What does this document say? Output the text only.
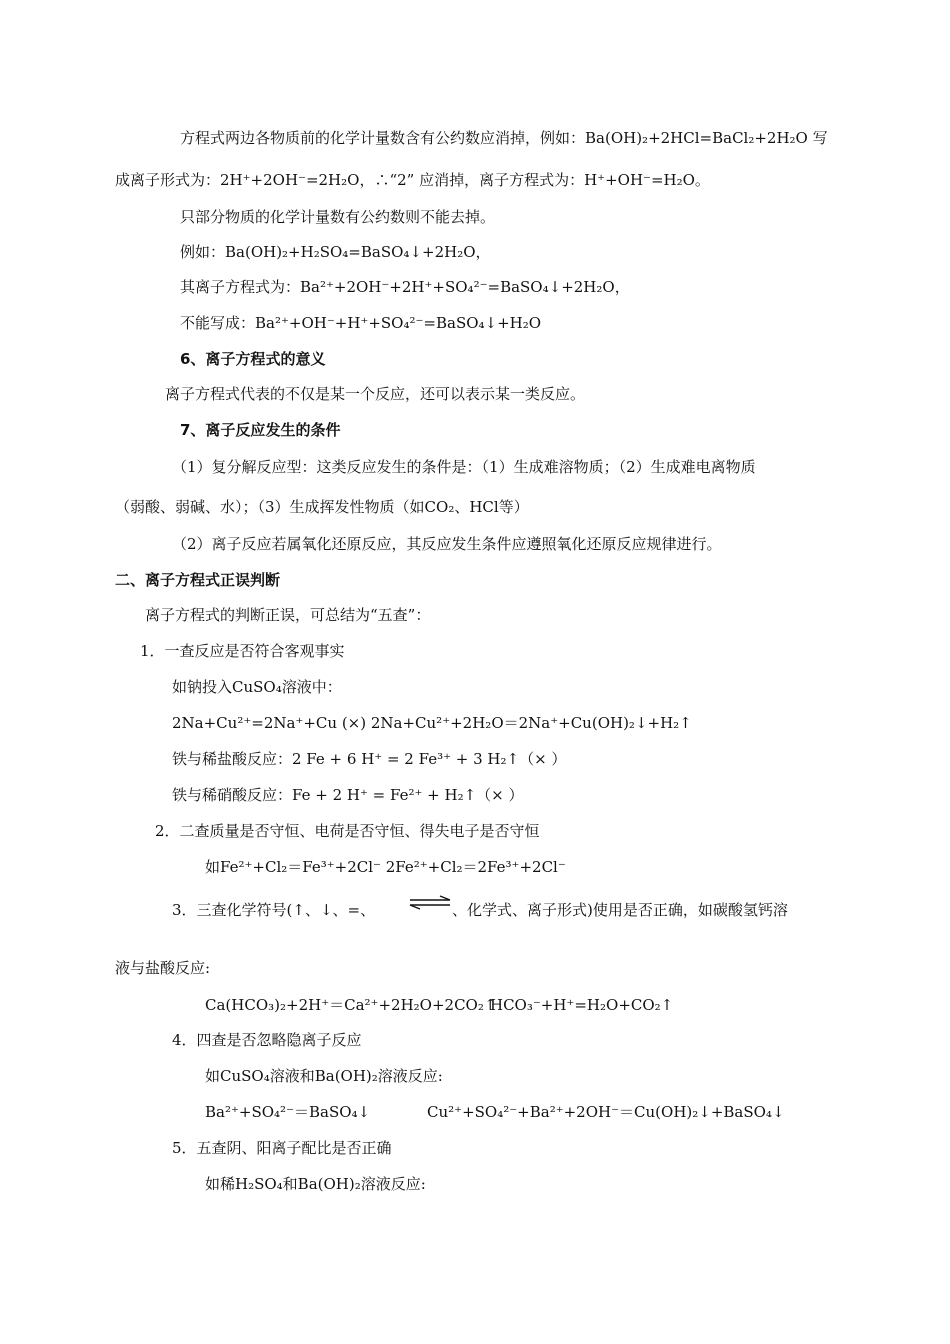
方程式两边各物质前的化学计量数含有公约数应消掉，例如：Ba(OH)₂+2HCl=BaCl₂+2H₂O 写
成离子形式为：2H⁺+2OH⁻=2H₂O，∴“2” 应消掉，离子方程式为：H⁺+OH⁻=H₂O。
只部分物质的化学计量数有公约数则不能去掉。
例如：Ba(OH)₂+H₂SO₄=BaSO₄↓+2H₂O，
其离子方程式为：Ba²⁺+2OH⁻+2H⁺+SO₄²⁻=BaSO₄↓+2H₂O，
不能写成：Ba²⁺+OH⁻+H⁺+SO₄²⁻=BaSO₄↓+H₂O
6、离子方程式的意义
离子方程式代表的不仅是某一个反应，还可以表示某一类反应。
7、离子反应发生的条件
（1）复分解反应型：这类反应发生的条件是：（1）生成难溶物质；（2）生成难电离物质
（弱酸、弱碱、水）；（3）生成挥发性物质（如CO₂、HCl等）
（2）离子反应若属氧化还原反应，其反应发生条件应遵照氧化还原反应规律进行。
二、离子方程式正误判断
离子方程式的判断正误，可总结为“五查”：
1．一查反应是否符合客观事实
如钠投入CuSO₄溶液中：
2Na+Cu²⁺=2Na⁺+Cu (×) 2Na+Cu²⁺+2H₂O＝2Na⁺+Cu(OH)₂↓+H₂↑
铁与稀盐酸反应：2 Fe + 6 H⁺ = 2 Fe³⁺ + 3 H₂↑（× ）
铁与稀硝酸反应：Fe + 2 H⁺ = Fe²⁺ + H₂↑（× ）
2．二查质量是否守恒、电荷是否守恒、得失电子是否守恒
如Fe²⁺+Cl₂＝Fe³⁺+2Cl⁻ 2Fe²⁺+Cl₂＝2Fe³⁺+2Cl⁻
3．三查化学符号(↑、↓、=、 ⇌ 、化学式、离子形式)使用是否正确，如碳酸氢钙溶
液与盐酸反应:
Ca(HCO₃)₂+2H⁺＝Ca²⁺+2H₂O+2CO₂↑
HCO₃⁻+H⁺=H₂O+CO₂↑
4．四查是否忽略隐离子反应
如CuSO₄溶液和Ba(OH)₂溶液反应:
Ba²⁺+SO₄²⁻＝BaSO₄↓	Cu²⁺+SO₄²⁻+Ba²⁺+2OH⁻＝Cu(OH)₂↓+BaSO₄↓
5．五查阴、阳离子配比是否正确
如稀H₂SO₄和Ba(OH)₂溶液反应:
